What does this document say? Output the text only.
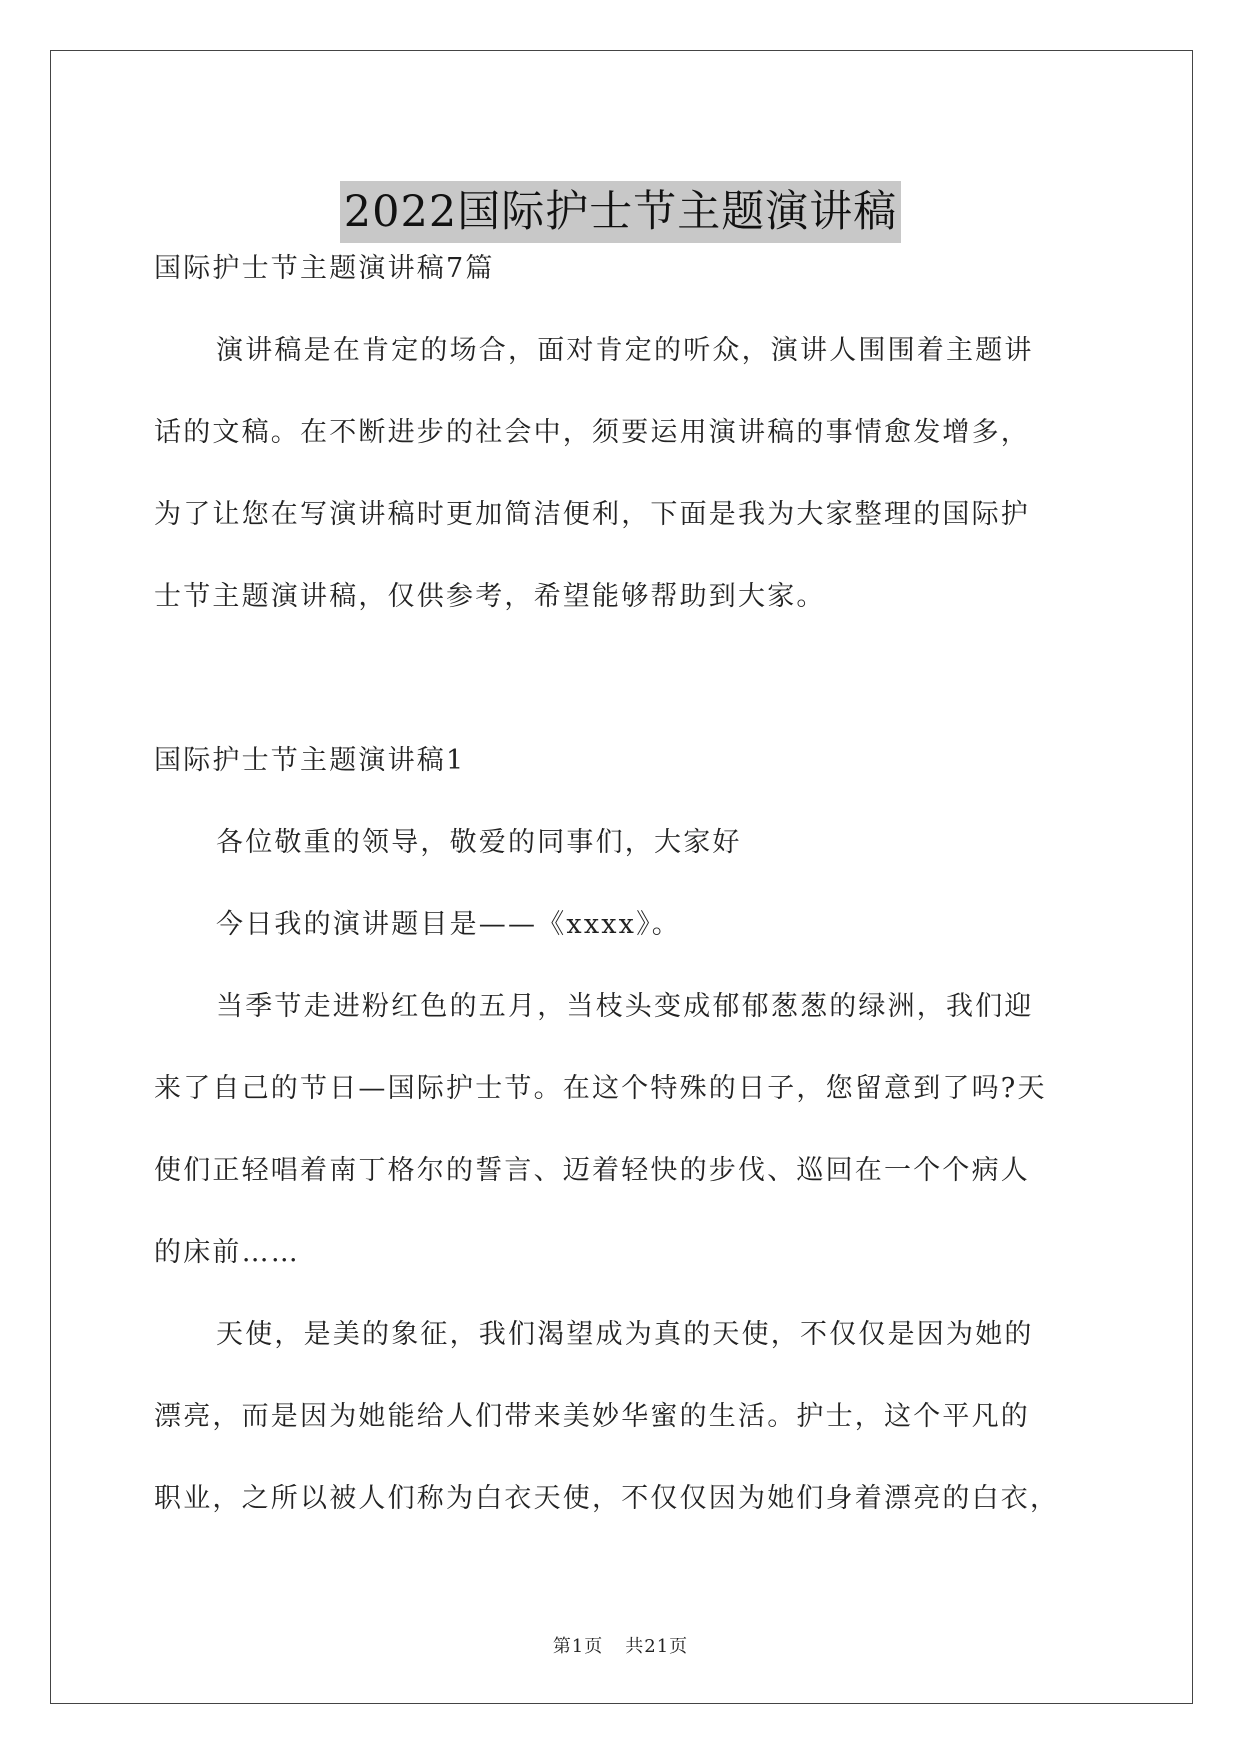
2022国际护士节主题演讲稿

国际护士节主题演讲稿7篇

演讲稿是在肯定的场合，面对肯定的听众，演讲人围围着主题讲

话的文稿。在不断进步的社会中，须要运用演讲稿的事情愈发增多，

为了让您在写演讲稿时更加简洁便利，下面是我为大家整理的国际护

士节主题演讲稿，仅供参考，希望能够帮助到大家。

国际护士节主题演讲稿1

各位敬重的领导，敬爱的同事们，大家好

今日我的演讲题目是——《xxxx》。

当季节走进粉红色的五月，当枝头变成郁郁葱葱的绿洲，我们迎

来了自己的节日—国际护士节。在这个特殊的日子，您留意到了吗?天

使们正轻唱着南丁格尔的誓言、迈着轻快的步伐、巡回在一个个病人

的床前……

天使，是美的象征，我们渴望成为真的天使，不仅仅是因为她的

漂亮，而是因为她能给人们带来美妙华蜜的生活。护士，这个平凡的

职业，之所以被人们称为白衣天使，不仅仅因为她们身着漂亮的白衣，

第1页 共21页
